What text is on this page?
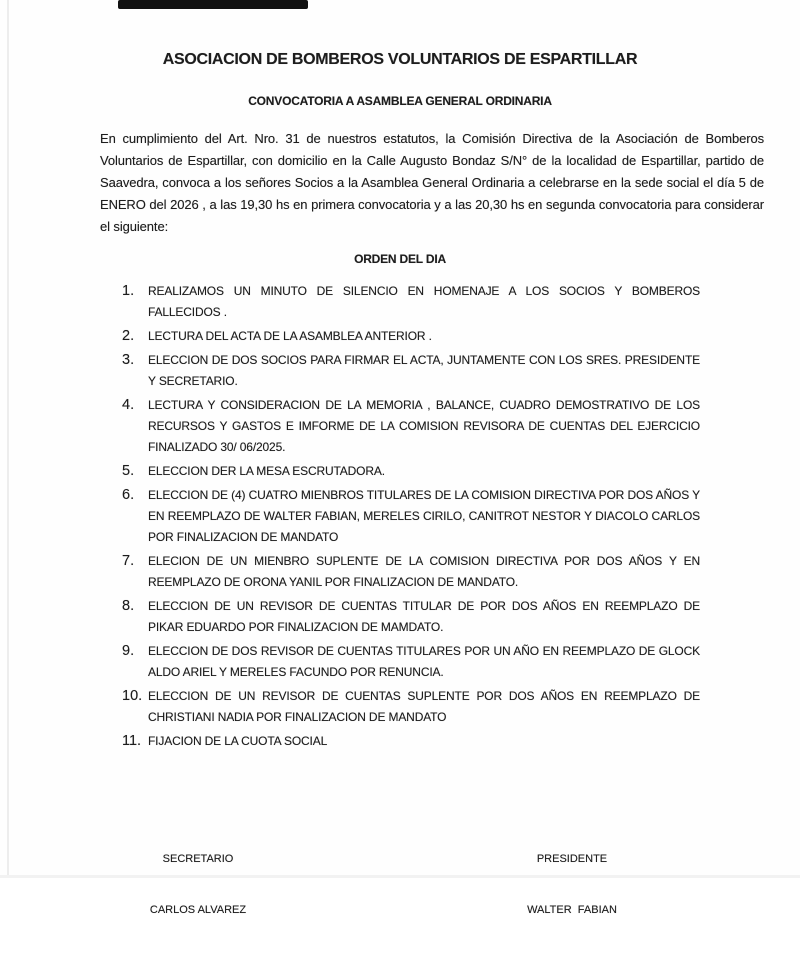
ASOCIACION DE BOMBEROS VOLUNTARIOS DE ESPARTILLAR
CONVOCATORIA A ASAMBLEA GENERAL ORDINARIA

En cumplimiento del Art. Nro. 31 de nuestros estatutos, la Comisión Directiva de la Asociación de Bomberos Voluntarios de Espartillar, con domicilio en la Calle Augusto Bondaz S/N° de la localidad de Espartillar, partido de Saavedra, convoca a los señores Socios a la Asamblea General Ordinaria a celebrarse en la sede social el día 5 de ENERO del 2026 , a las 19,30 hs en primera convocatoria y a las 20,30 hs en segunda convocatoria para considerar el siguiente:

ORDEN DEL DIA
1. REALIZAMOS UN MINUTO DE SILENCIO EN HOMENAJE A LOS SOCIOS Y BOMBEROS FALLECIDOS .
2. LECTURA DEL ACTA DE LA ASAMBLEA ANTERIOR .
3. ELECCION DE DOS SOCIOS PARA FIRMAR EL ACTA, JUNTAMENTE CON LOS SRES. PRESIDENTE Y SECRETARIO.
4. LECTURA Y CONSIDERACION DE LA MEMORIA , BALANCE, CUADRO DEMOSTRATIVO DE LOS RECURSOS Y GASTOS E IMFORME DE LA COMISION REVISORA DE CUENTAS DEL EJERCICIO FINALIZADO 30/ 06/2025.
5. ELECCION DER LA MESA ESCRUTADORA.
6. ELECCION DE (4) CUATRO MIENBROS TITULARES DE LA COMISION DIRECTIVA POR DOS AÑOS Y EN REEMPLAZO DE WALTER FABIAN, MERELES CIRILO, CANITROT NESTOR Y DIACOLO CARLOS POR FINALIZACION DE MANDATO
7. ELECION DE UN MIENBRO SUPLENTE DE LA COMISION DIRECTIVA POR DOS AÑOS Y EN REEMPLAZO DE ORONA YANIL POR FINALIZACION DE MANDATO.
8. ELECCION DE UN REVISOR DE CUENTAS TITULAR DE POR DOS AÑOS EN REEMPLAZO DE PIKAR EDUARDO POR FINALIZACION DE MAMDATO.
9. ELECCION DE DOS REVISOR DE CUENTAS TITULARES POR UN AÑO EN REEMPLAZO DE GLOCK ALDO ARIEL Y MERELES FACUNDO POR RENUNCIA.
10. ELECCION DE UN REVISOR DE CUENTAS SUPLENTE POR DOS AÑOS EN REEMPLAZO DE CHRISTIANI NADIA POR FINALIZACION DE MANDATO
11. FIJACION DE LA CUOTA SOCIAL

SECRETARIO

CARLOS ALVAREZ

PRESIDENTE

WALTER  FABIAN
